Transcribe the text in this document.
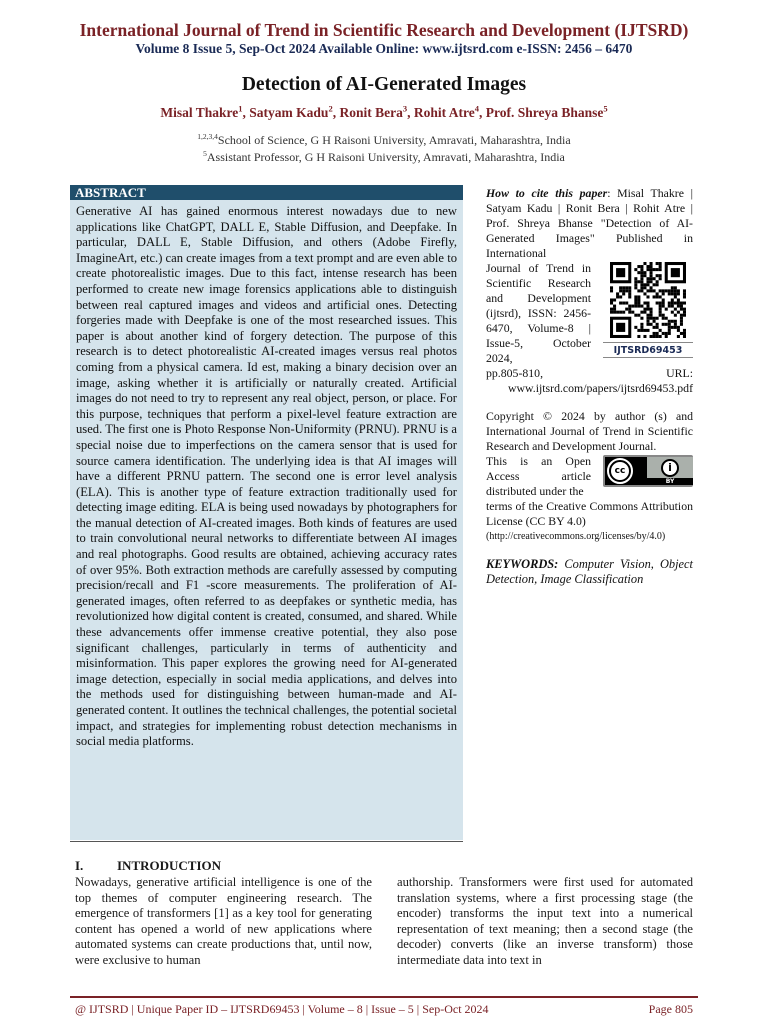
International Journal of Trend in Scientific Research and Development (IJTSRD)
Volume 8 Issue 5, Sep-Oct 2024 Available Online: www.ijtsrd.com e-ISSN: 2456 – 6470
Detection of AI-Generated Images
Misal Thakre$^1$, Satyam Kadu$^2$, Ronit Bera$^3$, Rohit Atre$^4$, Prof. Shreya Bhanse$^5$
$^{1,2,3,4}$School of Science, G H Raisoni University, Amravati, Maharashtra, India
$^5$Assistant Professor, G H Raisoni University, Amravati, Maharashtra, India
ABSTRACT
Generative AI has gained enormous interest nowadays due to new applications like ChatGPT, DALL E, Stable Diffusion, and Deepfake. In particular, DALL E, Stable Diffusion, and others (Adobe Firefly, ImagineArt, etc.) can create images from a text prompt and are even able to create photorealistic images. Due to this fact, intense research has been performed to create new image forensics applications able to distinguish between real captured images and videos and artificial ones. Detecting forgeries made with Deepfake is one of the most researched issues. This paper is about another kind of forgery detection. The purpose of this research is to detect photorealistic AI-created images versus real photos coming from a physical camera. Id est, making a binary decision over an image, asking whether it is artificially or naturally created. Artificial images do not need to try to represent any real object, person, or place. For this purpose, techniques that perform a pixel-level feature extraction are used. The first one is Photo Response Non-Uniformity (PRNU). PRNU is a special noise due to imperfections on the camera sensor that is used for source camera identification. The underlying idea is that AI images will have a different PRNU pattern. The second one is error level analysis (ELA). This is another type of feature extraction traditionally used for detecting image editing. ELA is being used nowadays by photographers for the manual detection of AI-created images. Both kinds of features are used to train convolutional neural networks to differentiate between AI images and real photographs. Good results are obtained, achieving accuracy rates of over 95%. Both extraction methods are carefully assessed by computing precision/recall and F1 -score measurements. The proliferation of AI-generated images, often referred to as deepfakes or synthetic media, has revolutionized how digital content is created, consumed, and shared. While these advancements offer immense creative potential, they also pose significant challenges, particularly in terms of authenticity and misinformation. This paper explores the growing need for AI-generated image detection, especially in social media applications, and delves into the methods used for distinguishing between human-made and AI-generated content. It outlines the technical challenges, the potential societal impact, and strategies for implementing robust detection mechanisms in social media platforms.
How to cite this paper: Misal Thakre | Satyam Kadu | Ronit Bera | Rohit Atre | Prof. Shreya Bhanse "Detection of AI-Generated Images" Published in International
Journal of Trend in Scientific Research and Development (ijtsrd), ISSN: 2456-6470, Volume-8 | Issue-5, October 2024,
IJTSRD69453
pp.805-810,	URL:
www.ijtsrd.com/papers/ijtsrd69453.pdf
Copyright © 2024 by author (s) and International Journal of Trend in Scientific Research and Development Journal.
This is an Open Access article distributed under the
cc	i
BY
terms of the Creative Commons Attribution License (CC BY 4.0)
(http://creativecommons.org/licenses/by/4.0)
KEYWORDS: Computer Vision, Object Detection, Image Classification
I.	INTRODUCTION
Nowadays, generative artificial intelligence is one of the top themes of computer engineering research. The emergence of transformers [1] as a key tool for generating content has opened a world of new applications where automated systems can create productions that, until now, were exclusive to human
authorship. Transformers were first used for automated translation systems, where a first processing stage (the encoder) transforms the input text into a numerical representation of text meaning; then a second stage (the decoder) converts (like an inverse transform) those intermediate data into text in
@ IJTSRD | Unique Paper ID – IJTSRD69453 | Volume – 8 | Issue – 5 | Sep-Oct 2024	Page 805
